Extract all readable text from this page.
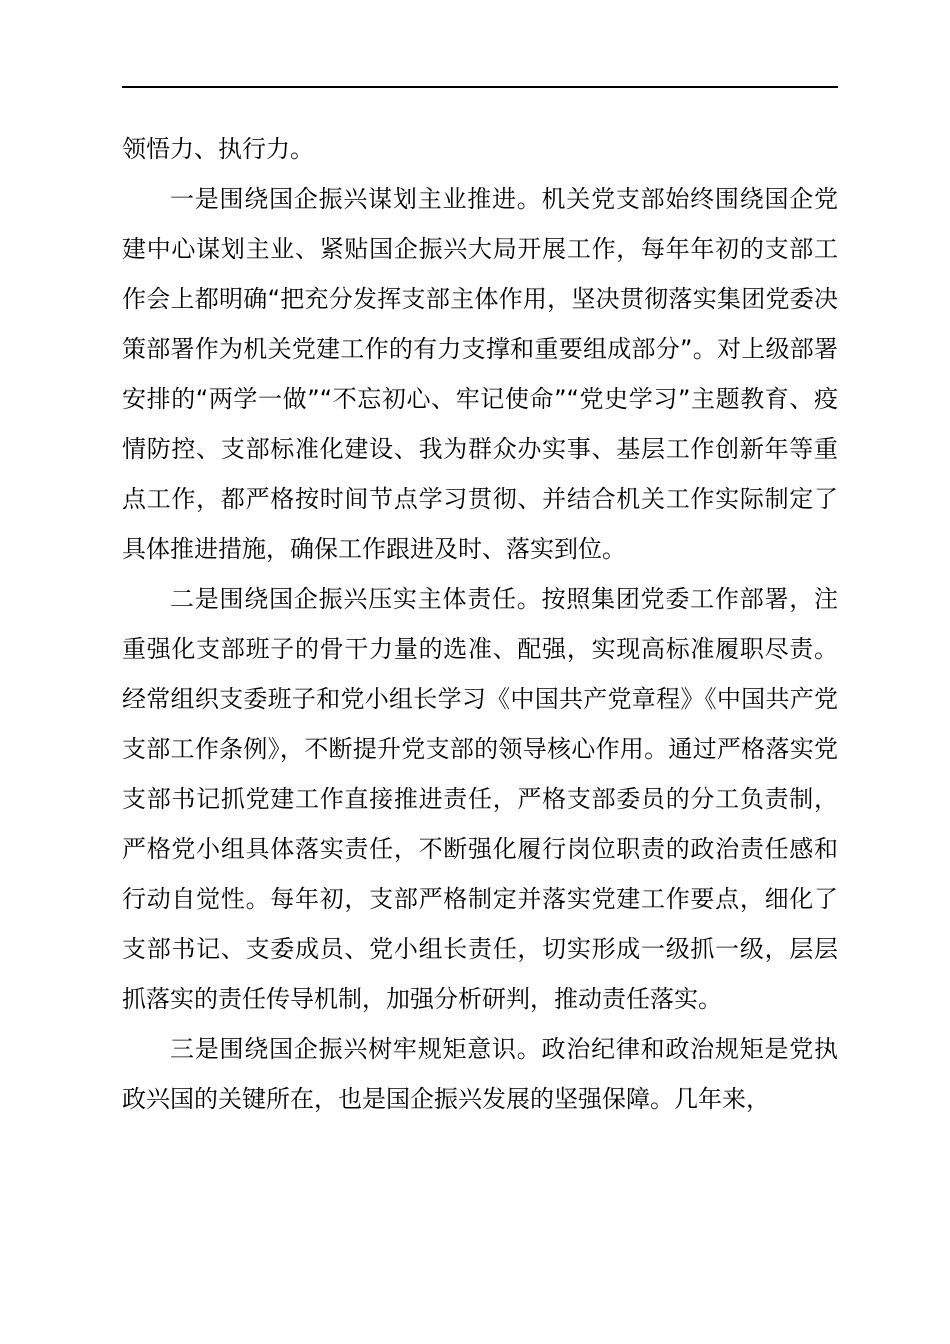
领悟力、执行力。

一是围绕国企振兴谋划主业推进。机关党支部始终围绕国企党建中心谋划主业、紧贴国企振兴大局开展工作，每年年初的支部工作会上都明确“把充分发挥支部主体作用，坚决贯彻落实集团党委决策部署作为机关党建工作的有力支撑和重要组成部分”。对上级部署安排的“两学一做”“不忘初心、牢记使命”“党史学习”主题教育、疫情防控、支部标准化建设、我为群众办实事、基层工作创新年等重点工作，都严格按时间节点学习贯彻、并结合机关工作实际制定了具体推进措施，确保工作跟进及时、落实到位。

二是围绕国企振兴压实主体责任。按照集团党委工作部署，注重强化支部班子的骨干力量的选准、配强，实现高标准履职尽责。经常组织支委班子和党小组长学习《中国共产党章程》《中国共产党支部工作条例》，不断提升党支部的领导核心作用。通过严格落实党支部书记抓党建工作直接推进责任，严格支部委员的分工负责制，严格党小组具体落实责任，不断强化履行岗位职责的政治责任感和行动自觉性。每年初，支部严格制定并落实党建工作要点，细化了支部书记、支委成员、党小组长责任，切实形成一级抓一级，层层抓落实的责任传导机制，加强分析研判，推动责任落实。

三是围绕国企振兴树牢规矩意识。政治纪律和政治规矩是党执政兴国的关键所在，也是国企振兴发展的坚强保障。几年来，
